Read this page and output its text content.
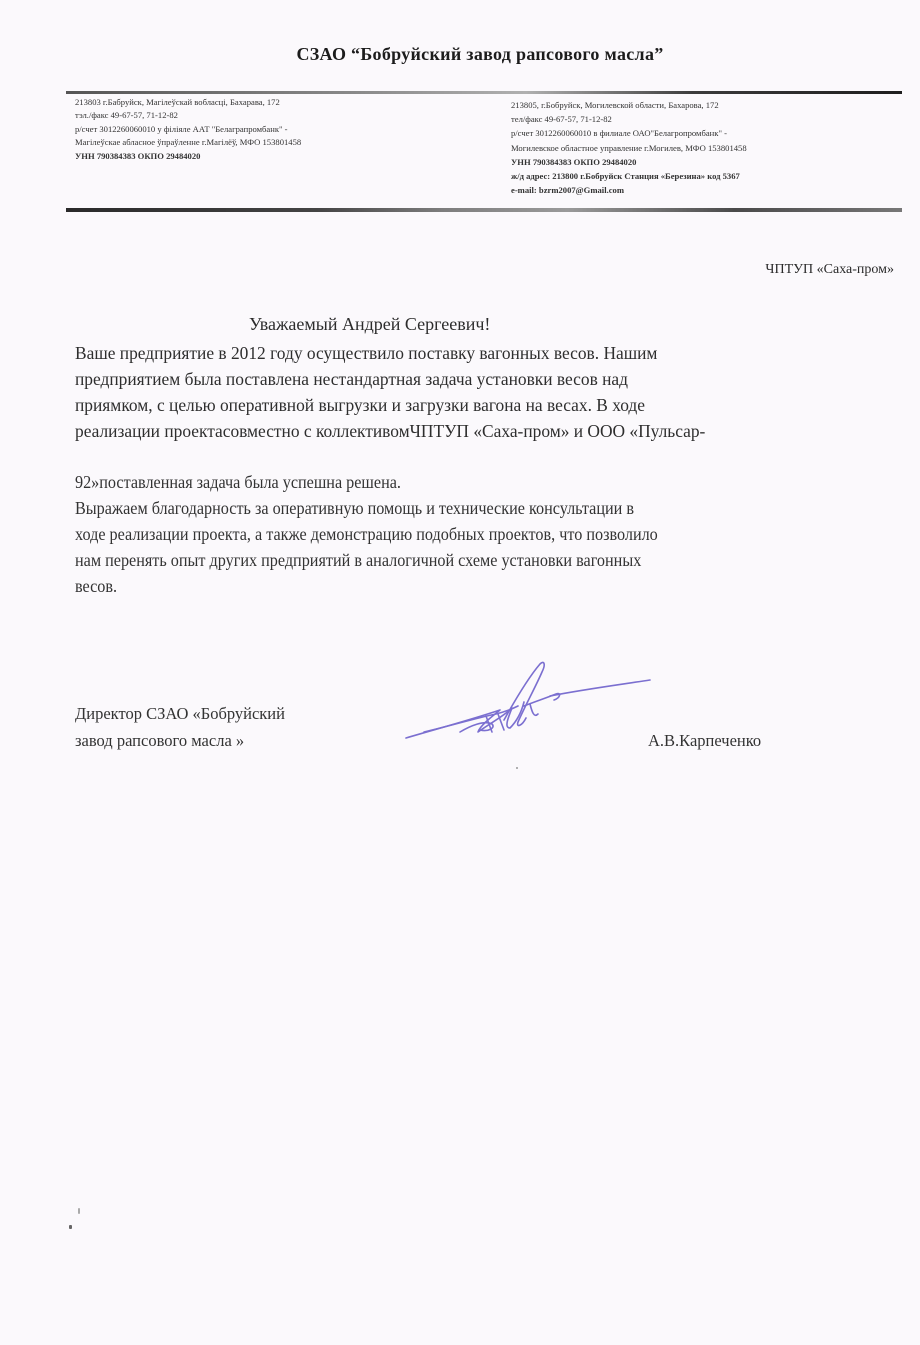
СЗАО “Бобруйский завод рапсового масла”
213803 г.Бабруйск, Магілеўскай вобласці, Бахарава, 172
тэл./факс 49-67-57, 71-12-82
р/счет 3012260060010 у філіяле ААТ "Белаграпромбанк" -
Магілеўскае абласное ўпраўленне г.Магілёў, МФО 153801458
УНН 790384383 ОКПО 29484020
213805, г.Бобруйск, Могилевской области, Бахарова, 172
тел/факс 49-67-57, 71-12-82
р/счет 3012260060010 в филиале ОАО"Белагропромбанк" -
Могилевское областное управление г.Могилев, МФО 153801458
УНН 790384383 ОКПО 29484020
ж/д адрес: 213800 г.Бобруйск Станция «Березина» код 5367
e-mail: bzrm2007@Gmail.com
ЧПТУП «Саха-пром»
Уважаемый Андрей Сергеевич!
Ваше предприятие в 2012 году осуществило поставку вагонных весов. Нашим
предприятием была поставлена нестандартная задача установки весов над
приямком, с целью оперативной выгрузки и загрузки вагона на весах. В ходе
реализации проектасовместно с коллективомЧПТУП «Саха-пром» и ООО «Пульсар-
92»поставленная задача была успешна решена.
Выражаем благодарность за оперативную помощь и технические консультации в
ходе реализации проекта, а также демонстрацию подобных проектов, что позволило
нам перенять опыт других предприятий в аналогичной схеме установки вагонных
весов.
Директор СЗАО «Бобруйский
завод рапсового масла »	А.В.Карпеченко
